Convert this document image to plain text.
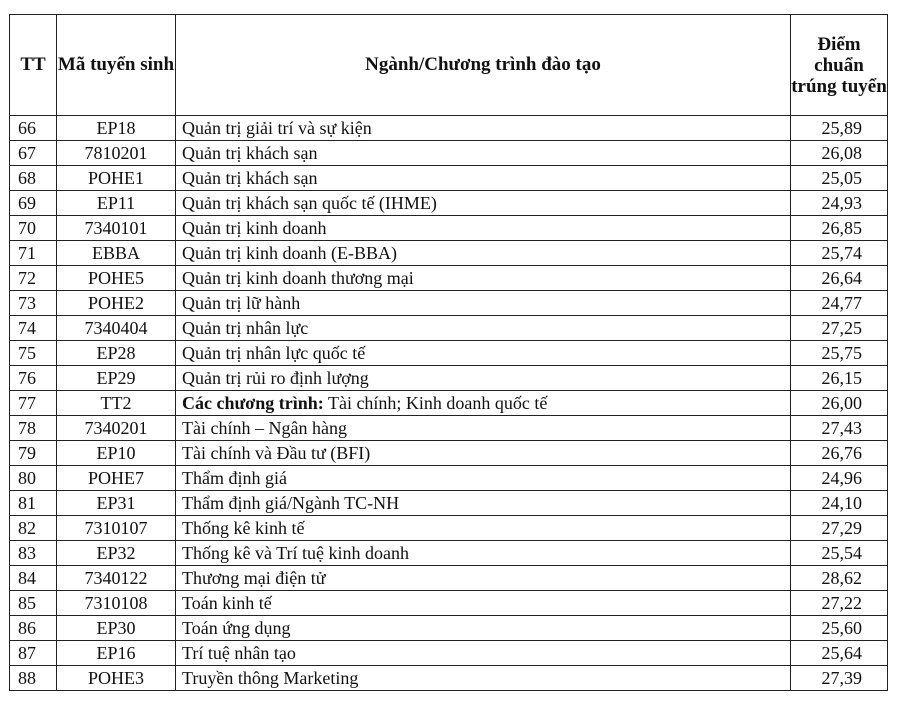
TT	Mã tuyển sinh	Ngành/Chương trình đào tạo	Điểm chuẩn trúng tuyển
66	EP18	Quản trị giải trí và sự kiện	25,89
67	7810201	Quản trị khách sạn	26,08
68	POHE1	Quản trị khách sạn	25,05
69	EP11	Quản trị khách sạn quốc tế (IHME)	24,93
70	7340101	Quản trị kinh doanh	26,85
71	EBBA	Quản trị kinh doanh (E-BBA)	25,74
72	POHE5	Quản trị kinh doanh thương mại	26,64
73	POHE2	Quản trị lữ hành	24,77
74	7340404	Quản trị nhân lực	27,25
75	EP28	Quản trị nhân lực quốc tế	25,75
76	EP29	Quản trị rủi ro định lượng	26,15
77	TT2	Các chương trình: Tài chính; Kinh doanh quốc tế	26,00
78	7340201	Tài chính – Ngân hàng	27,43
79	EP10	Tài chính và Đầu tư (BFI)	26,76
80	POHE7	Thẩm định giá	24,96
81	EP31	Thẩm định giá/Ngành TC-NH	24,10
82	7310107	Thống kê kinh tế	27,29
83	EP32	Thống kê và Trí tuệ kinh doanh	25,54
84	7340122	Thương mại điện tử	28,62
85	7310108	Toán kinh tế	27,22
86	EP30	Toán ứng dụng	25,60
87	EP16	Trí tuệ nhân tạo	25,64
88	POHE3	Truyền thông Marketing	27,39
